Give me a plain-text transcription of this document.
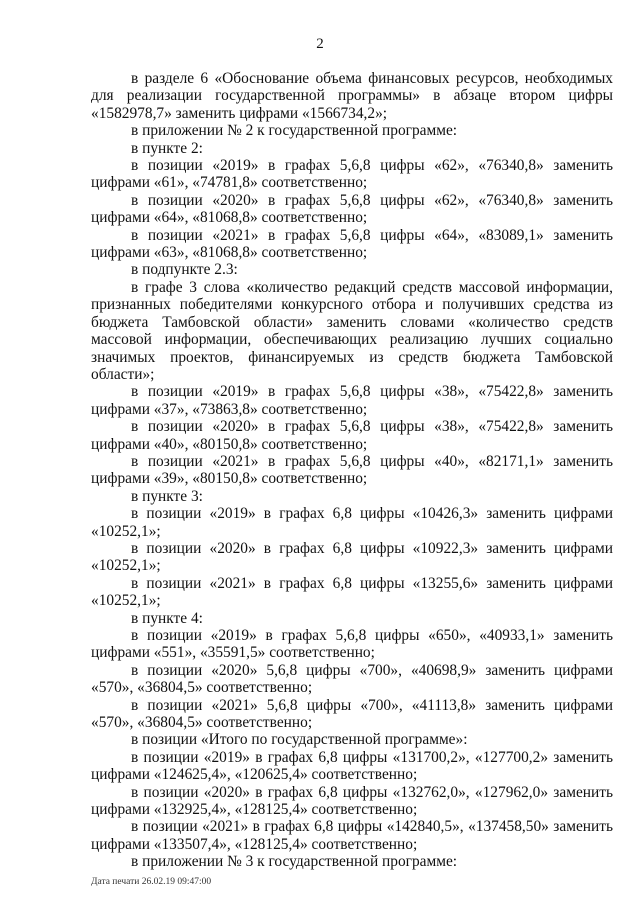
2

в разделе 6 «Обоснование объема финансовых ресурсов, необходимых для реализации государственной программы» в абзаце втором цифры «1582978,7» заменить цифрами «1566734,2»;

в приложении № 2 к государственной программе:

в пункте 2:

в позиции «2019» в графах 5,6,8 цифры «62», «76340,8» заменить цифрами «61», «74781,8» соответственно;

в позиции «2020» в графах 5,6,8 цифры «62», «76340,8» заменить цифрами «64», «81068,8» соответственно;

в позиции «2021» в графах 5,6,8 цифры «64», «83089,1» заменить цифрами «63», «81068,8» соответственно;

в подпункте 2.3:

в графе 3 слова «количество редакций средств массовой информации, признанных победителями конкурсного отбора и получивших средства из бюджета Тамбовской области» заменить словами «количество средств массовой информации, обеспечивающих реализацию лучших социально значимых проектов, финансируемых из средств бюджета Тамбовской области»;

в позиции «2019» в графах 5,6,8 цифры «38», «75422,8» заменить цифрами «37», «73863,8» соответственно;

в позиции «2020» в графах 5,6,8 цифры «38», «75422,8» заменить цифрами «40», «80150,8» соответственно;

в позиции «2021» в графах 5,6,8 цифры «40», «82171,1» заменить цифрами «39», «80150,8» соответственно;

в пункте 3:

в позиции «2019» в графах 6,8 цифры «10426,3» заменить цифрами «10252,1»;

в позиции «2020» в графах 6,8 цифры «10922,3» заменить цифрами «10252,1»;

в позиции «2021» в графах 6,8 цифры «13255,6» заменить цифрами «10252,1»;

в пункте 4:

в позиции «2019» в графах 5,6,8 цифры «650», «40933,1» заменить цифрами «551», «35591,5» соответственно;

в позиции «2020» 5,6,8 цифры «700», «40698,9» заменить цифрами «570», «36804,5» соответственно;

в позиции «2021» 5,6,8 цифры «700», «41113,8» заменить цифрами «570», «36804,5» соответственно;

в позиции «Итого по государственной программе»:

в позиции «2019» в графах 6,8 цифры «131700,2», «127700,2» заменить цифрами «124625,4», «120625,4» соответственно;

в позиции «2020» в графах 6,8 цифры «132762,0», «127962,0» заменить цифрами «132925,4», «128125,4» соответственно;

в позиции «2021» в графах 6,8 цифры «142840,5», «137458,50» заменить цифрами «133507,4», «128125,4» соответственно;

в приложении № 3 к государственной программе:

Дата печати 26.02.19 09:47:00
